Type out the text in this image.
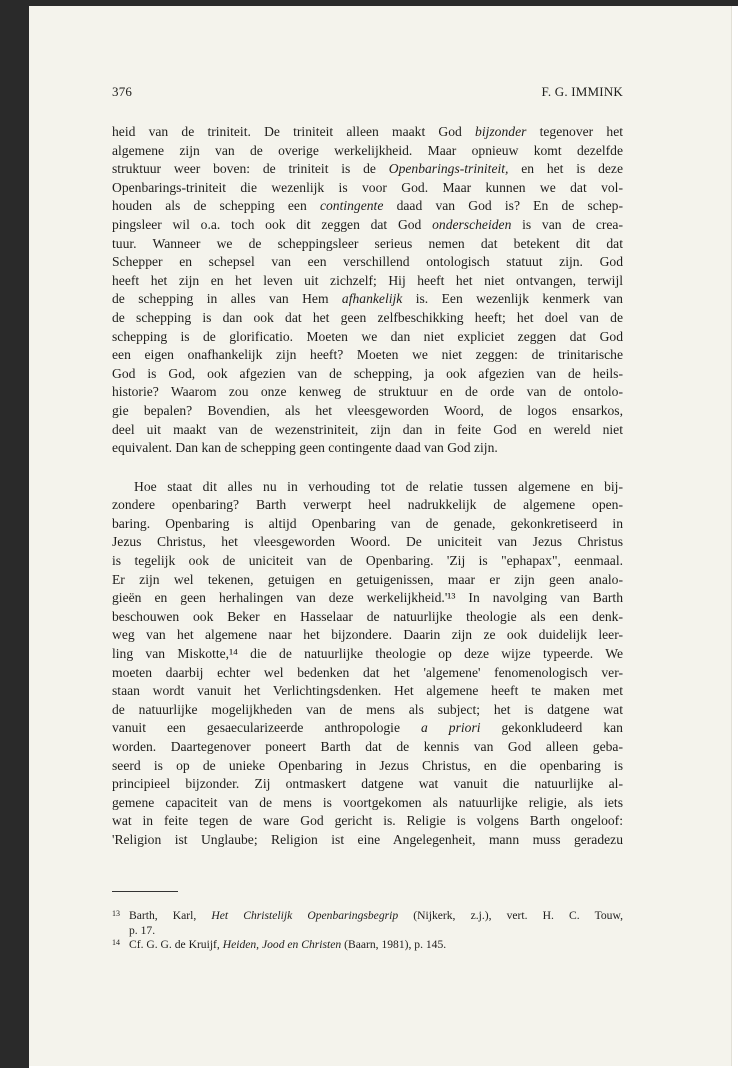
376	F. G. IMMINK
heid van de triniteit. De triniteit alleen maakt God bijzonder tegenover het
algemene zijn van de overige werkelijkheid. Maar opnieuw komt dezelfde
struktuur weer boven: de triniteit is de Openbarings-triniteit, en het is deze
Openbarings-triniteit die wezenlijk is voor God. Maar kunnen we dat vol-
houden als de schepping een contingente daad van God is? En de schep-
pingsleer wil o.a. toch ook dit zeggen dat God onderscheiden is van de crea-
tuur. Wanneer we de scheppingsleer serieus nemen dat betekent dit dat
Schepper en schepsel van een verschillend ontologisch statuut zijn. God
heeft het zijn en het leven uit zichzelf; Hij heeft het niet ontvangen, terwijl
de schepping in alles van Hem afhankelijk is. Een wezenlijk kenmerk van
de schepping is dan ook dat het geen zelfbeschikking heeft; het doel van de
schepping is de glorificatio. Moeten we dan niet expliciet zeggen dat God
een eigen onafhankelijk zijn heeft? Moeten we niet zeggen: de trinitarische
God is God, ook afgezien van de schepping, ja ook afgezien van de heils-
historie? Waarom zou onze kenweg de struktuur en de orde van de ontolo-
gie bepalen? Bovendien, als het vleesgeworden Woord, de logos ensarkos,
deel uit maakt van de wezenstriniteit, zijn dan in feite God en wereld niet
equivalent. Dan kan de schepping geen contingente daad van God zijn.
Hoe staat dit alles nu in verhouding tot de relatie tussen algemene en bij-
zondere openbaring? Barth verwerpt heel nadrukkelijk de algemene open-
baring. Openbaring is altijd Openbaring van de genade, gekonkretiseerd in
Jezus Christus, het vleesgeworden Woord. De uniciteit van Jezus Christus
is tegelijk ook de uniciteit van de Openbaring. 'Zij is "ephapax", eenmaal.
Er zijn wel tekenen, getuigen en getuigenissen, maar er zijn geen analo-
gieën en geen herhalingen van deze werkelijkheid.'¹³ In navolging van Barth
beschouwen ook Beker en Hasselaar de natuurlijke theologie als een denk-
weg van het algemene naar het bijzondere. Daarin zijn ze ook duidelijk leer-
ling van Miskotte,¹⁴ die de natuurlijke theologie op deze wijze typeerde. We
moeten daarbij echter wel bedenken dat het 'algemene' fenomenologisch ver-
staan wordt vanuit het Verlichtingsdenken. Het algemene heeft te maken met
de natuurlijke mogelijkheden van de mens als subject; het is datgene wat
vanuit een gesaecularizeerde anthropologie a priori gekonkludeerd kan
worden. Daartegenover poneert Barth dat de kennis van God alleen geba-
seerd is op de unieke Openbaring in Jezus Christus, en die openbaring is
principieel bijzonder. Zij ontmaskert datgene wat vanuit die natuurlijke al-
gemene capaciteit van de mens is voortgekomen als natuurlijke religie, als iets
wat in feite tegen de ware God gericht is. Religie is volgens Barth ongeloof:
'Religion ist Unglaube; Religion ist eine Angelegenheit, mann muss geradezu
13 Barth, Karl, Het Christelijk Openbaringsbegrip (Nijkerk, z.j.), vert. H. C. Touw,
p. 17.
14 Cf. G. G. de Kruijf, Heiden, Jood en Christen (Baarn, 1981), p. 145.
